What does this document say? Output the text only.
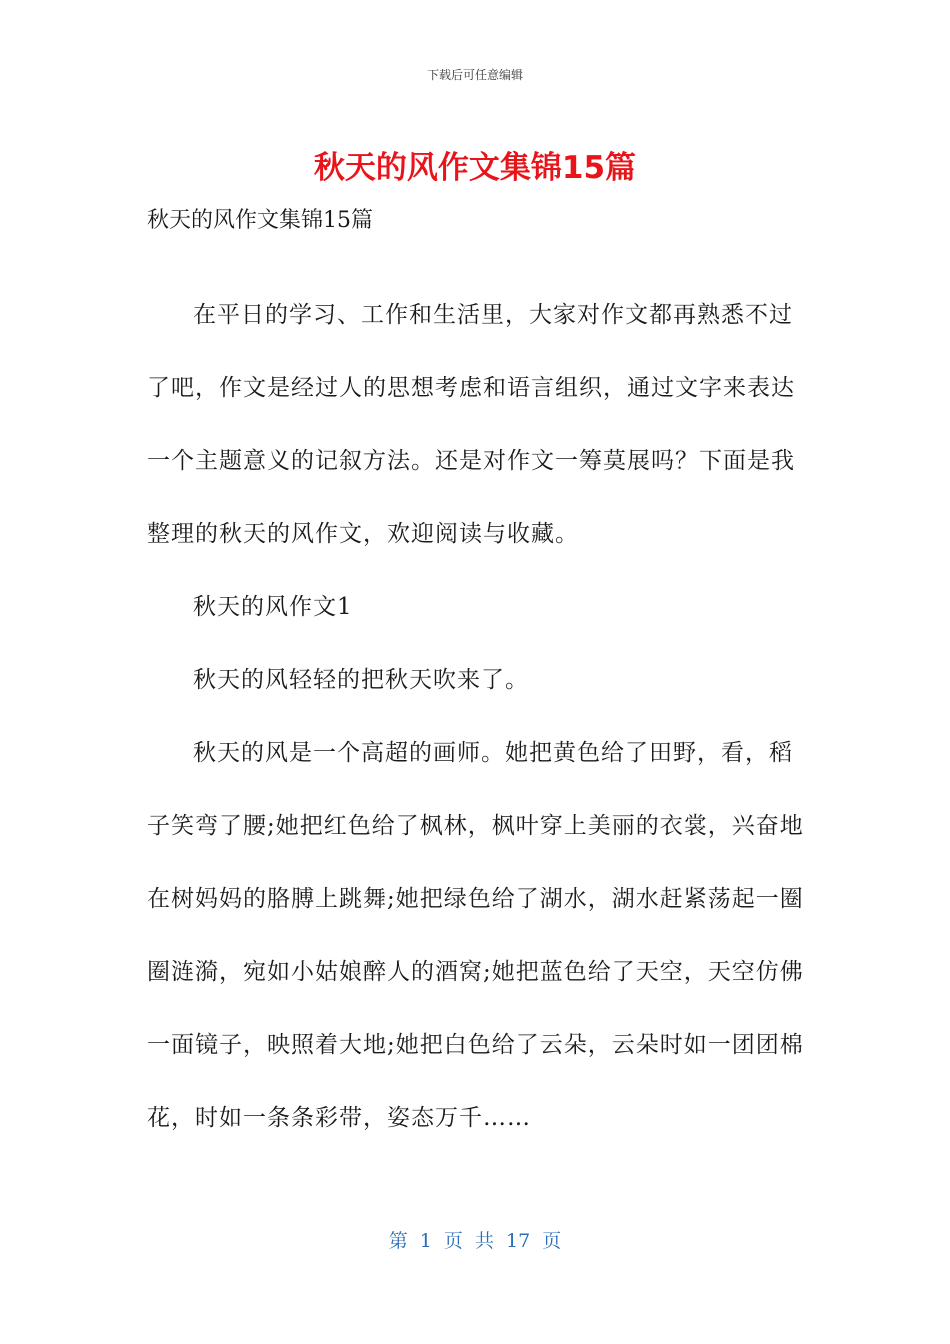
下载后可任意编辑
秋天的风作文集锦15篇
秋天的风作文集锦15篇

在平日的学习、工作和生活里，大家对作文都再熟悉不过了吧，作文是经过人的思想考虑和语言组织，通过文字来表达一个主题意义的记叙方法。还是对作文一筹莫展吗？下面是我整理的秋天的风作文，欢迎阅读与收藏。

秋天的风作文1

秋天的风轻轻的把秋天吹来了。

秋天的风是一个高超的画师。她把黄色给了田野，看，稻子笑弯了腰;她把红色给了枫林，枫叶穿上美丽的衣裳，兴奋地在树妈妈的胳膊上跳舞;她把绿色给了湖水，湖水赶紧荡起一圈圈涟漪，宛如小姑娘醉人的酒窝;她把蓝色给了天空，天空仿佛一面镜子，映照着大地;她把白色给了云朵，云朵时如一团团棉花，时如一条条彩带，姿态万千……

第 1 页 共 17 页
